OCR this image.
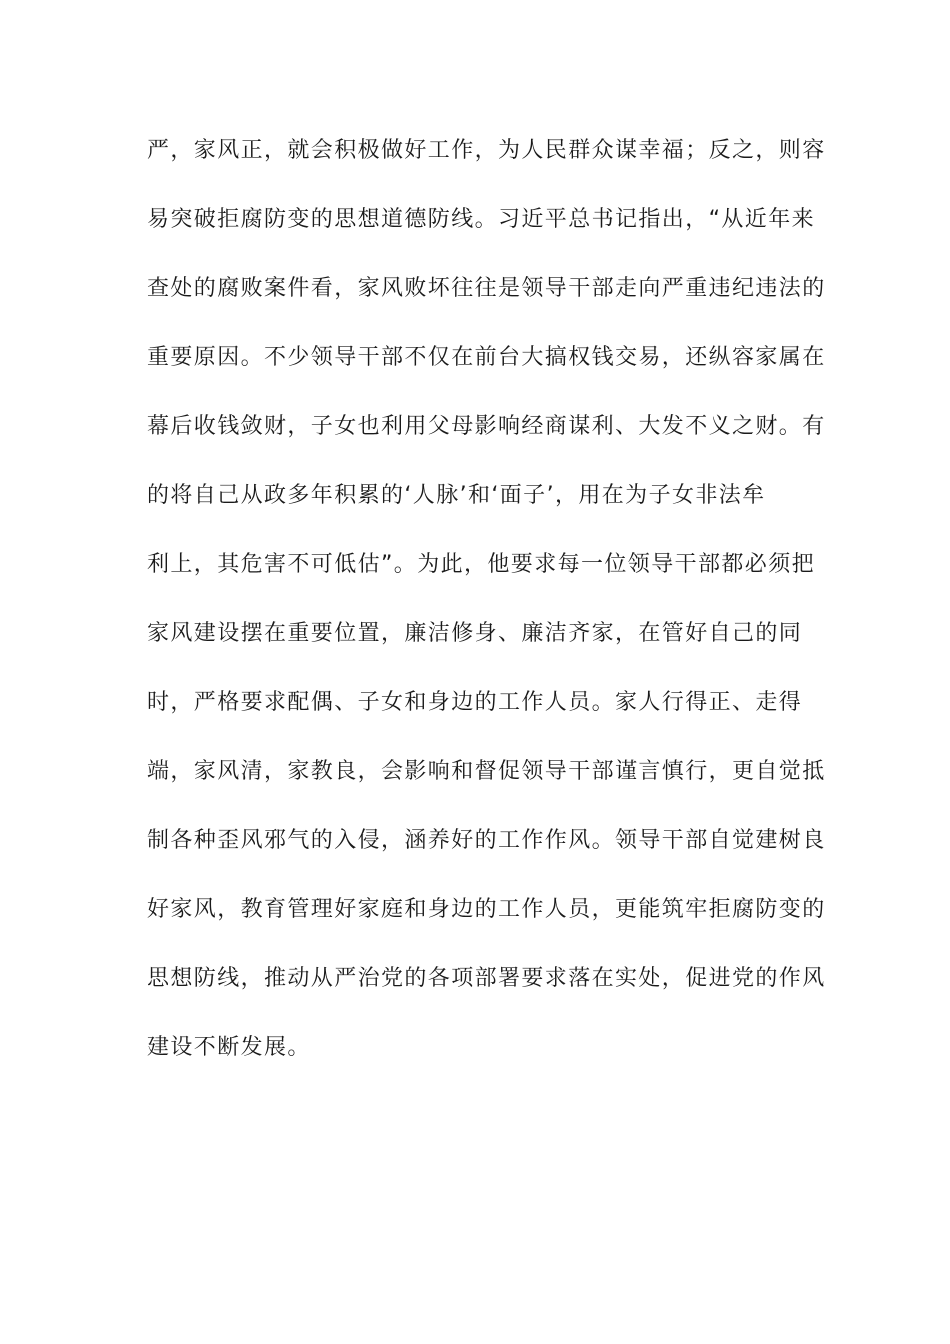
严，家风正，就会积极做好工作，为人民群众谋幸福；反之，则容
易突破拒腐防变的思想道德防线。习近平总书记指出，“从近年来
查处的腐败案件看，家风败坏往往是领导干部走向严重违纪违法的
重要原因。不少领导干部不仅在前台大搞权钱交易，还纵容家属在
幕后收钱敛财，子女也利用父母影响经商谋利、大发不义之财。有
的将自己从政多年积累的‘人脉’和‘面子’，用在为子女非法牟
利上，其危害不可低估”。为此，他要求每一位领导干部都必须把
家风建设摆在重要位置，廉洁修身、廉洁齐家，在管好自己的同
时，严格要求配偶、子女和身边的工作人员。家人行得正、走得
端，家风清，家教良，会影响和督促领导干部谨言慎行，更自觉抵
制各种歪风邪气的入侵，涵养好的工作作风。领导干部自觉建树良
好家风，教育管理好家庭和身边的工作人员，更能筑牢拒腐防变的
思想防线，推动从严治党的各项部署要求落在实处，促进党的作风
建设不断发展。
